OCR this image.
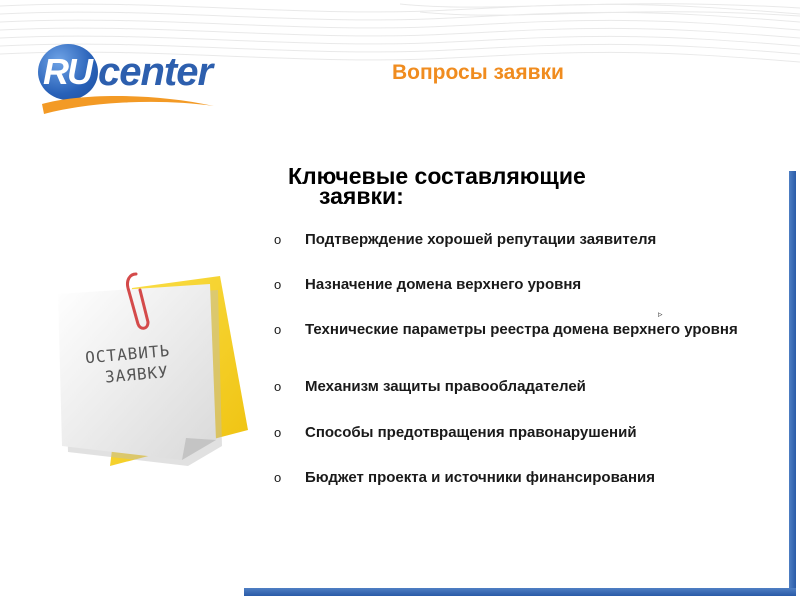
RU center	Вопросы заявки
Ключевые составляющие
заявки:
o Подтверждение хорошей репутации заявителя
o Назначение домена верхнего уровня
o Технические параметры реестра домена верхнего уровня
o Механизм защиты правообладателей
o Способы предотвращения правонарушений
o Бюджет проекта и источники финансирования
▹
ОСТАВИТЬ
ЗАЯВКУ
